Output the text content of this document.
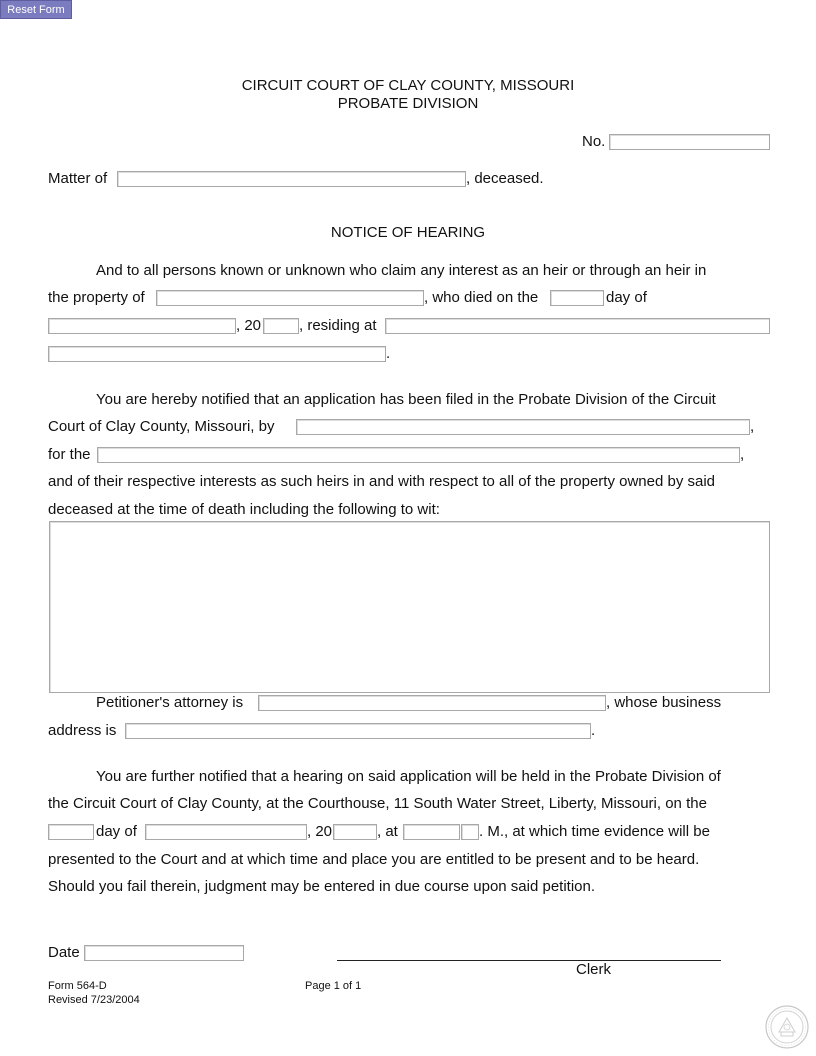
Reset Form
CIRCUIT COURT OF CLAY COUNTY, MISSOURI
PROBATE DIVISION
No.
Matter of	, deceased.
NOTICE OF HEARING
And to all persons known or unknown who claim any interest as an heir or through an heir in
the property of	, who died on the	day of
, 20	, residing at
.
You are hereby notified that an application has been filed in the Probate Division of the Circuit
Court of Clay County, Missouri, by	,
for the	,
and of their respective interests as such heirs in and with respect to all of the property owned by said
deceased at the time of death including the following to wit:
Petitioner's attorney is	, whose business
address is	.
You are further notified that a hearing on said application will be held in the Probate Division of
the Circuit Court of Clay County, at the Courthouse, 11 South Water Street, Liberty, Missouri, on the
day of	, 20	, at	. M., at which time evidence will be
presented to the Court and at which time and place you are entitled to be present and to be heard.
Should you fail therein, judgment may be entered in due course upon said petition.
Date
Clerk
Form 564-D
Revised 7/23/2004
Page 1 of 1
